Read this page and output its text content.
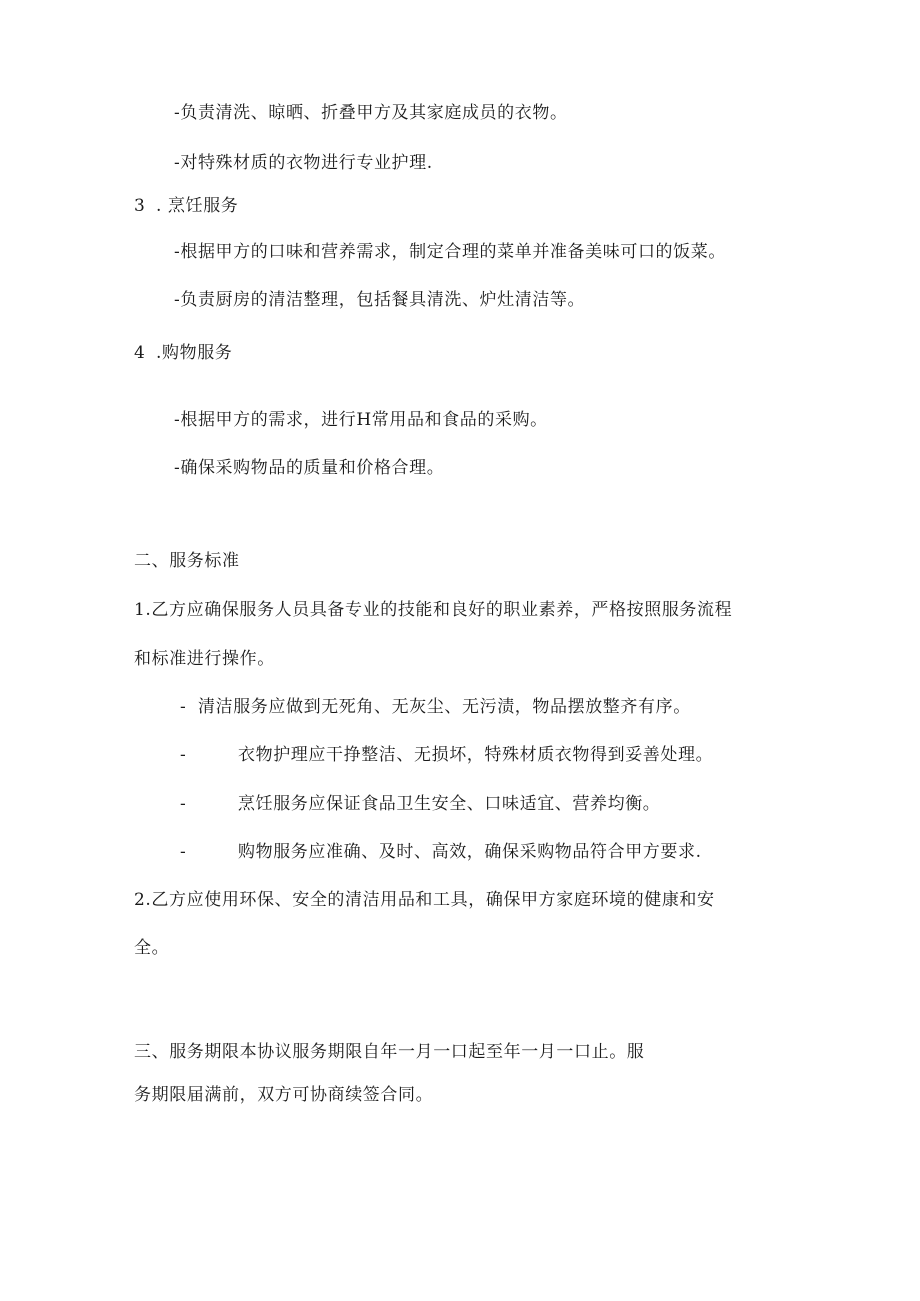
-负责清洗、晾晒、折叠甲方及其家庭成员的衣物。
-对特殊材质的衣物进行专业护理.
3 . 烹饪服务
-根据甲方的口味和营养需求，制定合理的菜单并准备美味可口的饭菜。
-负责厨房的清洁整理，包括餐具清洗、炉灶清洁等。
4 .购物服务
-根据甲方的需求，进行H常用品和食品的采购。
-确保采购物品的质量和价格合理。
二、服务标准
1.乙方应确保服务人员具备专业的技能和良好的职业素养，严格按照服务流程
和标准进行操作。
- 清洁服务应做到无死角、无灰尘、无污渍，物品摆放整齐有序。
-	衣物护理应干挣整洁、无损坏，特殊材质衣物得到妥善处理。
-	烹饪服务应保证食品卫生安全、口味适宜、营养均衡。
-	购物服务应准确、及时、高效，确保采购物品符合甲方要求.
2.乙方应使用环保、安全的清洁用品和工具，确保甲方家庭环境的健康和安
全。
三、服务期限本协议服务期限自年一月一口起至年一月一口止。服
务期限届满前，双方可协商续签合同。
